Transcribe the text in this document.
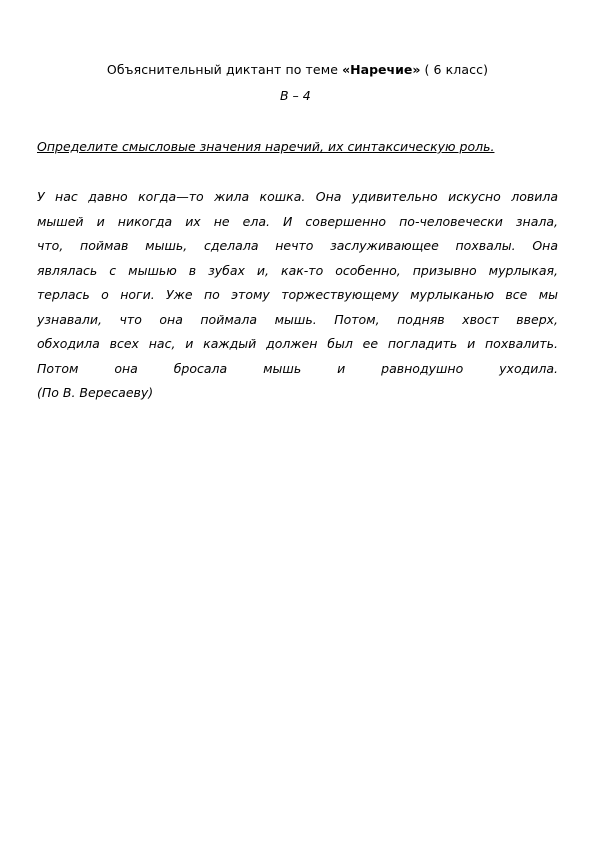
Объяснительный диктант по теме «Наречие» ( 6 класс)
В – 4
Определите смысловые значения наречий, их синтаксическую роль.
У нас давно когда—то жила кошка. Она удивительно искусно ловила
мышей и никогда их не ела. И совершенно по-человечески знала,
что, поймав мышь, сделала нечто заслуживающее похвалы. Она
являлась с мышью в зубах и, как-то особенно, призывно мурлыкая,
терлась о ноги. Уже по этому торжествующему мурлыканью все мы
узнавали, что она поймала мышь. Потом, подняв хвост вверх,
обходила всех нас, и каждый должен был ее погладить и похвалить.
Потом она бросала мышь и равнодушно уходила.
(По В. Вересаеву)
